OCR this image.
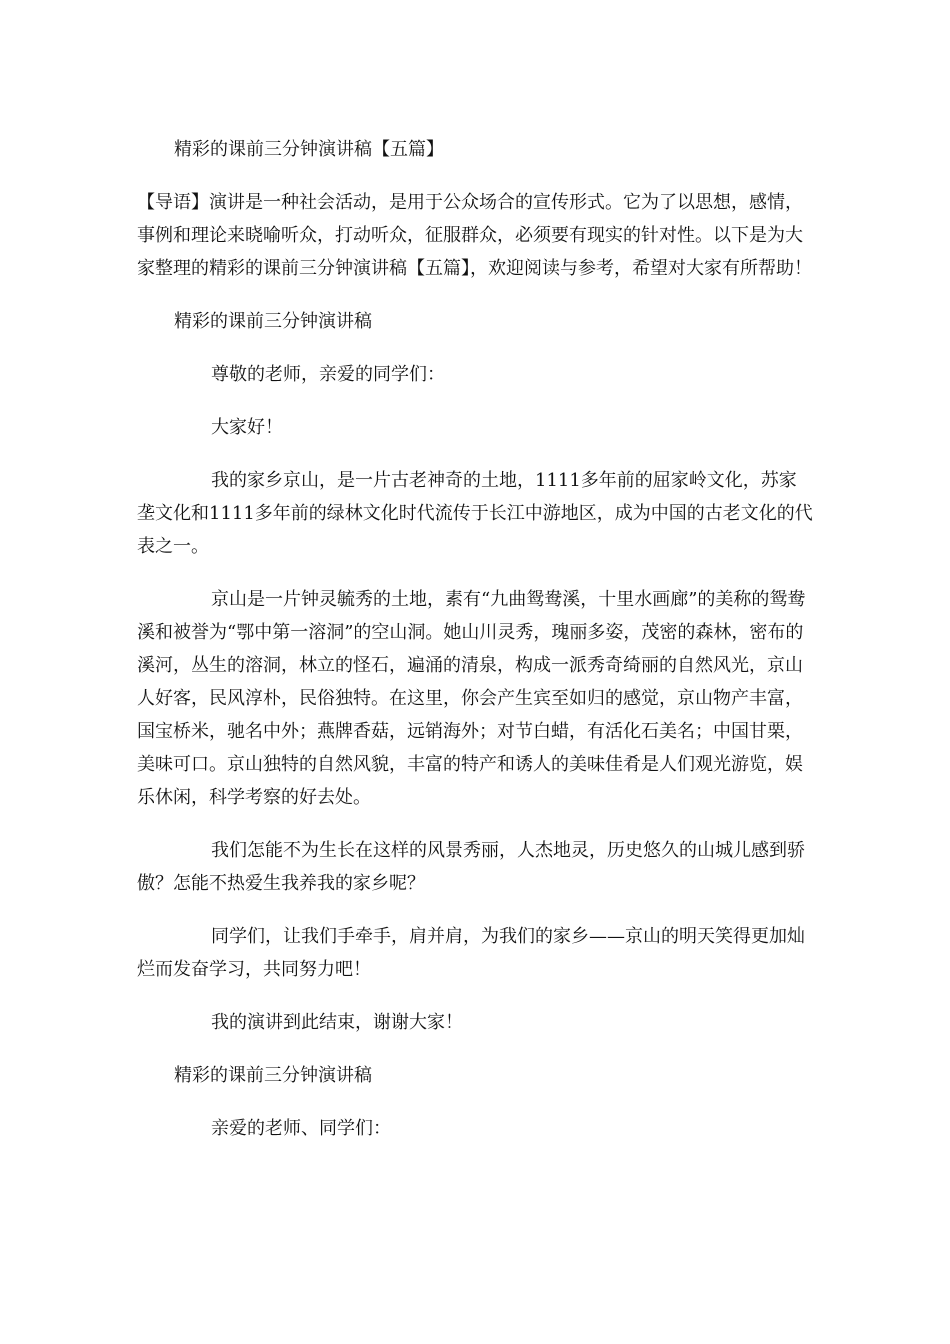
精彩的课前三分钟演讲稿【五篇】

【导语】演讲是一种社会活动，是用于公众场合的宣传形式。它为了以思想，感情，事例和理论来晓喻听众，打动听众，征服群众，必须要有现实的针对性。以下是为大家整理的精彩的课前三分钟演讲稿【五篇】，欢迎阅读与参考，希望对大家有所帮助！

精彩的课前三分钟演讲稿

尊敬的老师，亲爱的同学们：

大家好！

我的家乡京山，是一片古老神奇的土地，1111多年前的屈家岭文化，苏家垄文化和1111多年前的绿林文化时代流传于长江中游地区，成为中国的古老文化的代表之一。

京山是一片钟灵毓秀的土地，素有“九曲鸳鸯溪，十里水画廊”的美称的鸳鸯溪和被誉为“鄂中第一溶洞”的空山洞。她山川灵秀，瑰丽多姿，茂密的森林，密布的溪河，丛生的溶洞，林立的怪石，遍涌的清泉，构成一派秀奇绮丽的自然风光，京山人好客，民风淳朴，民俗独特。在这里，你会产生宾至如归的感觉，京山物产丰富，国宝桥米，驰名中外；燕牌香菇，远销海外；对节白蜡，有活化石美名；中国甘栗，美味可口。京山独特的自然风貌，丰富的特产和诱人的美味佳肴是人们观光游览，娱乐休闲，科学考察的好去处。

我们怎能不为生长在这样的风景秀丽，人杰地灵，历史悠久的山城儿感到骄傲？怎能不热爱生我养我的家乡呢？

同学们，让我们手牵手，肩并肩，为我们的家乡——京山的明天笑得更加灿烂而发奋学习，共同努力吧！

我的演讲到此结束，谢谢大家！

精彩的课前三分钟演讲稿

亲爱的老师、同学们：
